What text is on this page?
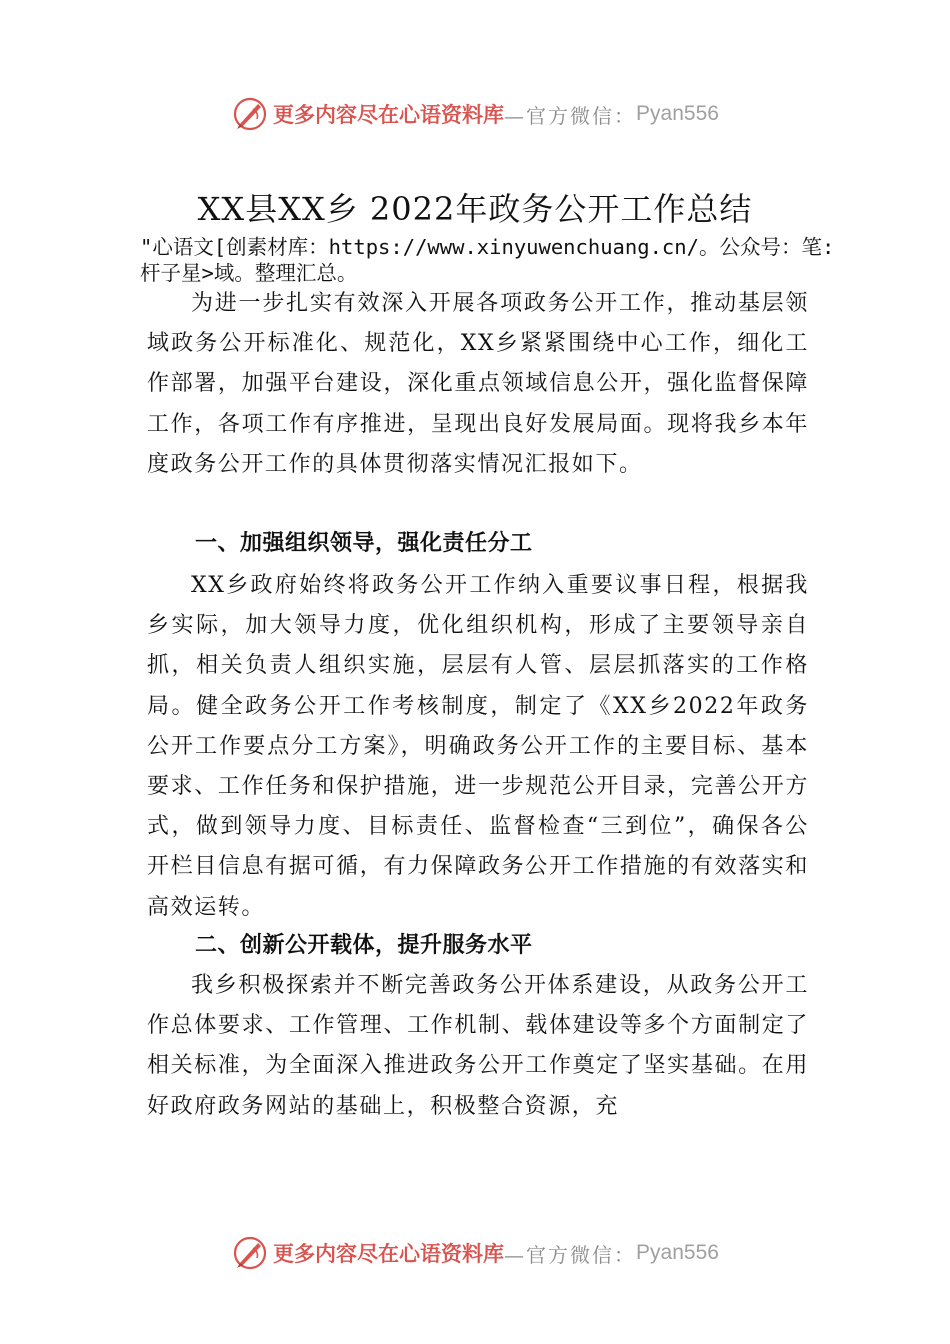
更多内容尽在心语资料库 —官方微信： Pyan556
XX县XX乡 2022年政务公开工作总结
"心语文[创素材库：https://www.xinyuwenchuang.cn/。公众号：笔:杆子星>域。整理汇总。

为进一步扎实有效深入开展各项政务公开工作，推动基层领域政务公开标准化、规范化，XX乡紧紧围绕中心工作，细化工作部署，加强平台建设，深化重点领域信息公开，强化监督保障工作，各项工作有序推进，呈现出良好发展局面。现将我乡本年度政务公开工作的具体贯彻落实情况汇报如下。

一、加强组织领导，强化责任分工

XX乡政府始终将政务公开工作纳入重要议事日程，根据我乡实际，加大领导力度，优化组织机构，形成了主要领导亲自抓，相关负责人组织实施，层层有人管、层层抓落实的工作格局。健全政务公开工作考核制度，制定了《XX乡2022年政务公开工作要点分工方案》，明确政务公开工作的主要目标、基本要求、工作任务和保护措施，进一步规范公开目录，完善公开方式，做到领导力度、目标责任、监督检查“三到位”，确保各公开栏目信息有据可循，有力保障政务公开工作措施的有效落实和高效运转。

二、创新公开载体，提升服务水平

我乡积极探索并不断完善政务公开体系建设，从政务公开工作总体要求、工作管理、工作机制、载体建设等多个方面制定了相关标准，为全面深入推进政务公开工作奠定了坚实基础。在用好政府政务网站的基础上，积极整合资源，充

更多内容尽在心语资料库 —官方微信： Pyan556
